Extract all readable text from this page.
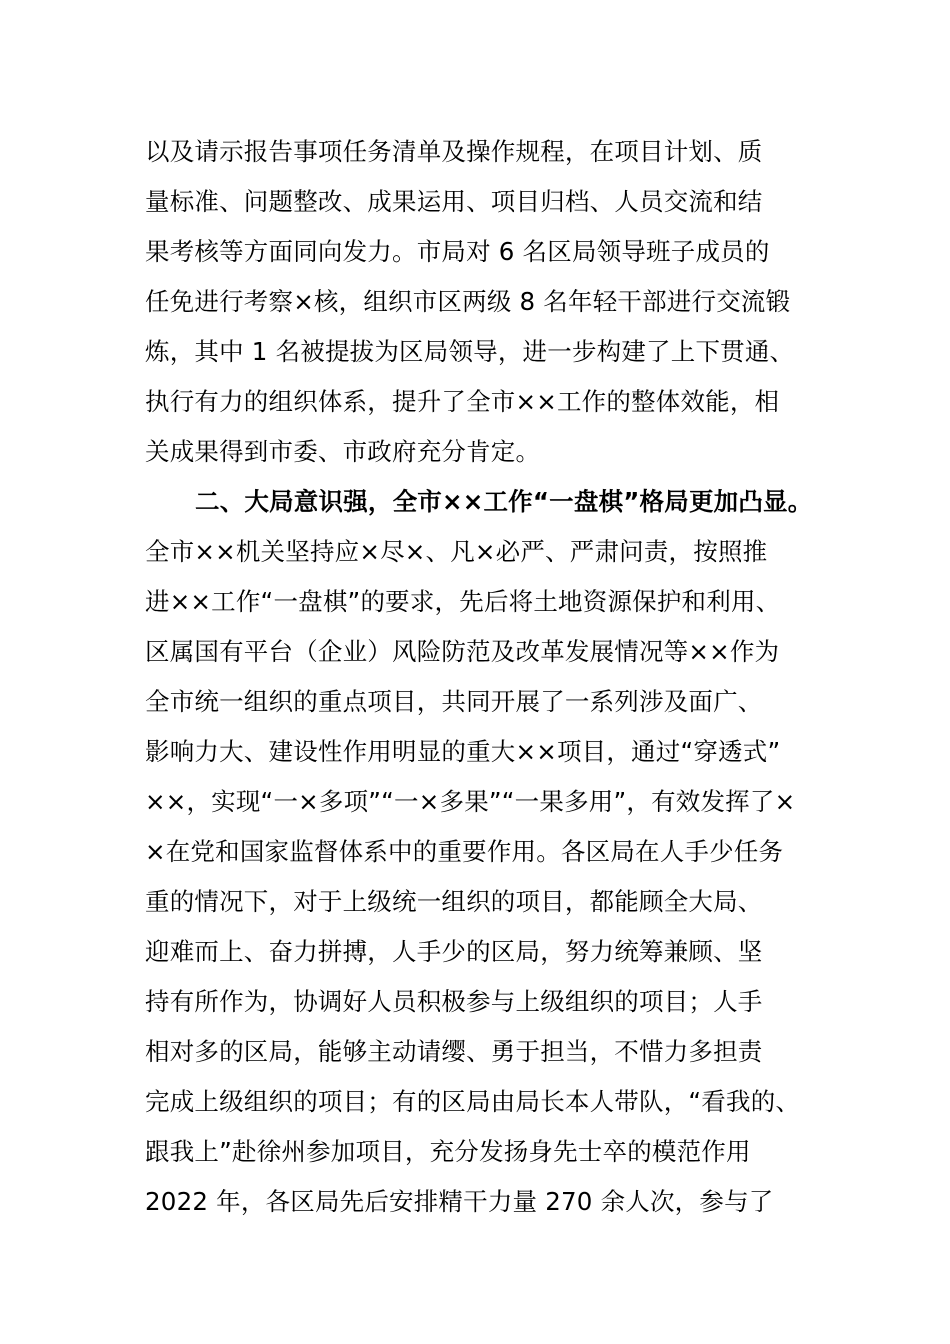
以及请示报告事项任务清单及操作规程，在项目计划、质
量标准、问题整改、成果运用、项目归档、人员交流和结
果考核等方面同向发力。市局对 6 名区局领导班子成员的
任免进行考察×核，组织市区两级 8 名年轻干部进行交流锻
炼，其中 1 名被提拔为区局领导，进一步构建了上下贯通、
执行有力的组织体系，提升了全市××工作的整体效能，相
关成果得到市委、市政府充分肯定。
二、大局意识强，全市××工作“一盘棋”格局更加凸显。
全市××机关坚持应×尽×、凡×必严、严肃问责，按照推
进××工作“一盘棋”的要求，先后将土地资源保护和利用、
区属国有平台（企业）风险防范及改革发展情况等××作为
全市统一组织的重点项目，共同开展了一系列涉及面广、
影响力大、建设性作用明显的重大××项目，通过“穿透式”
××，实现“一×多项”“一×多果”“一果多用”，有效发挥了×
×在党和国家监督体系中的重要作用。各区局在人手少任务
重的情况下，对于上级统一组织的项目，都能顾全大局、
迎难而上、奋力拼搏，人手少的区局，努力统筹兼顾、坚
持有所作为，协调好人员积极参与上级组织的项目；人手
相对多的区局，能够主动请缨、勇于担当，不惜力多担责
完成上级组织的项目；有的区局由局长本人带队，“看我的、
跟我上”赴徐州参加项目，充分发扬身先士卒的模范作用
2022 年，各区局先后安排精干力量 270 余人次，参与了
